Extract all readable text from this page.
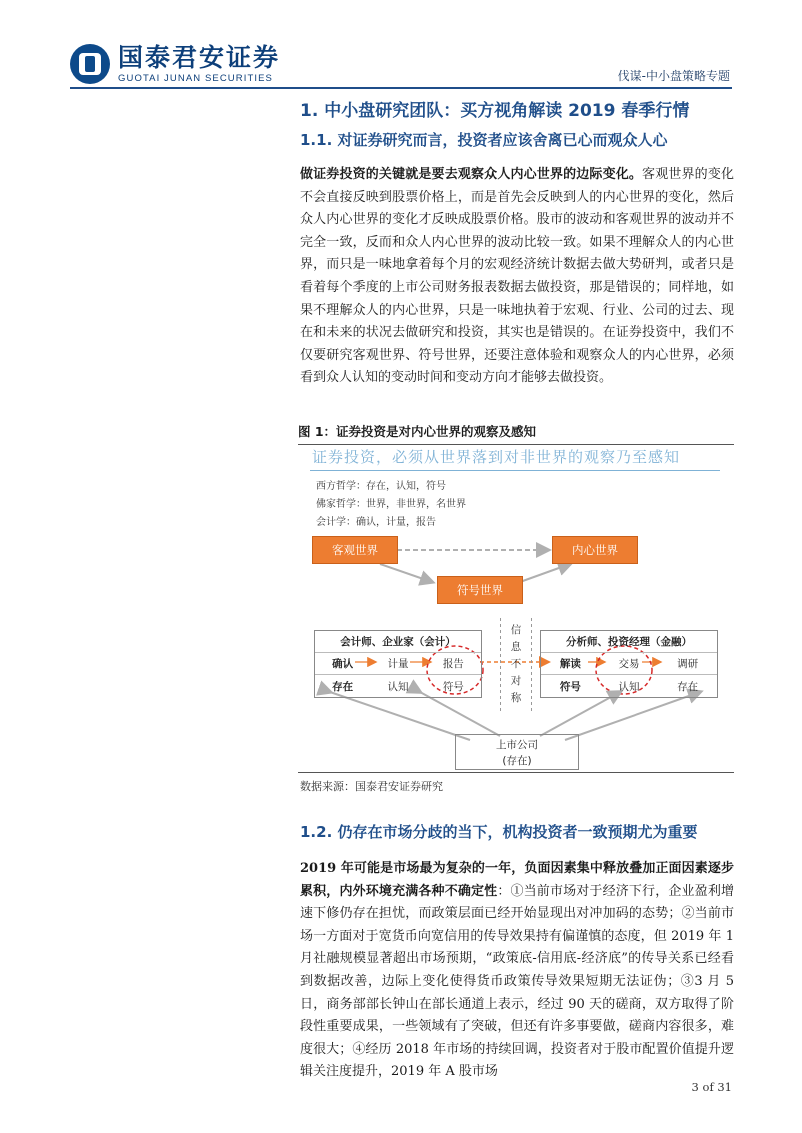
国泰君安证券
GUOTAI JUNAN SECURITIES	伐谋-中小盘策略专题
1. 中小盘研究团队：买方视角解读 2019 春季行情
1.1. 对证券研究而言，投资者应该舍离已心而观众人心
做证券投资的关键就是要去观察众人内心世界的边际变化。客观世界的变化不会直接反映到股票价格上，而是首先会反映到人的内心世界的变化，然后众人内心世界的变化才反映成股票价格。股市的波动和客观世界的波动并不完全一致，反而和众人内心世界的波动比较一致。如果不理解众人的内心世界，而只是一味地拿着每个月的宏观经济统计数据去做大势研判，或者只是看着每个季度的上市公司财务报表数据去做投资，那是错误的；同样地，如果不理解众人的内心世界，只是一味地执着于宏观、行业、公司的过去、现在和未来的状况去做研究和投资，其实也是错误的。在证券投资中，我们不仅要研究客观世界、符号世界，还要注意体验和观察众人的内心世界，必须看到众人认知的变动时间和变动方向才能够去做投资。
图 1：证券投资是对内心世界的观察及感知
证券投资，必须从世界落到对非世界的观察乃至感知
西方哲学：存在，认知，符号
佛家哲学：世界，非世界，名世界
会计学：确认，计量，报告
客观世界	内心世界
符号世界
会计师、企业家（会计）
确认	计量	报告
存在	认知	符号
分析师、投资经理（金融）
解读	交易	调研
符号	认知	存在
信
息
不
对
称
上市公司
(存在)
数据来源：国泰君安证券研究
1.2. 仍存在市场分歧的当下，机构投资者一致预期尤为重要
2019 年可能是市场最为复杂的一年，负面因素集中释放叠加正面因素逐步累积，内外环境充满各种不确定性：①当前市场对于经济下行，企业盈利增速下修仍存在担忧，而政策层面已经开始显现出对冲加码的态势；②当前市场一方面对于宽货币向宽信用的传导效果持有偏谨慎的态度，但 2019 年 1 月社融规模显著超出市场预期，“政策底-信用底-经济底”的传导关系已经看到数据改善，边际上变化使得货币政策传导效果短期无法证伪；③3 月 5 日，商务部部长钟山在部长通道上表示，经过 90 天的磋商，双方取得了阶段性重要成果，一些领域有了突破，但还有许多事要做，磋商内容很多，难度很大；④经历 2018 年市场的持续回调，投资者对于股市配置价值提升逻辑关注度提升，2019 年 A 股市场
3 of 31
